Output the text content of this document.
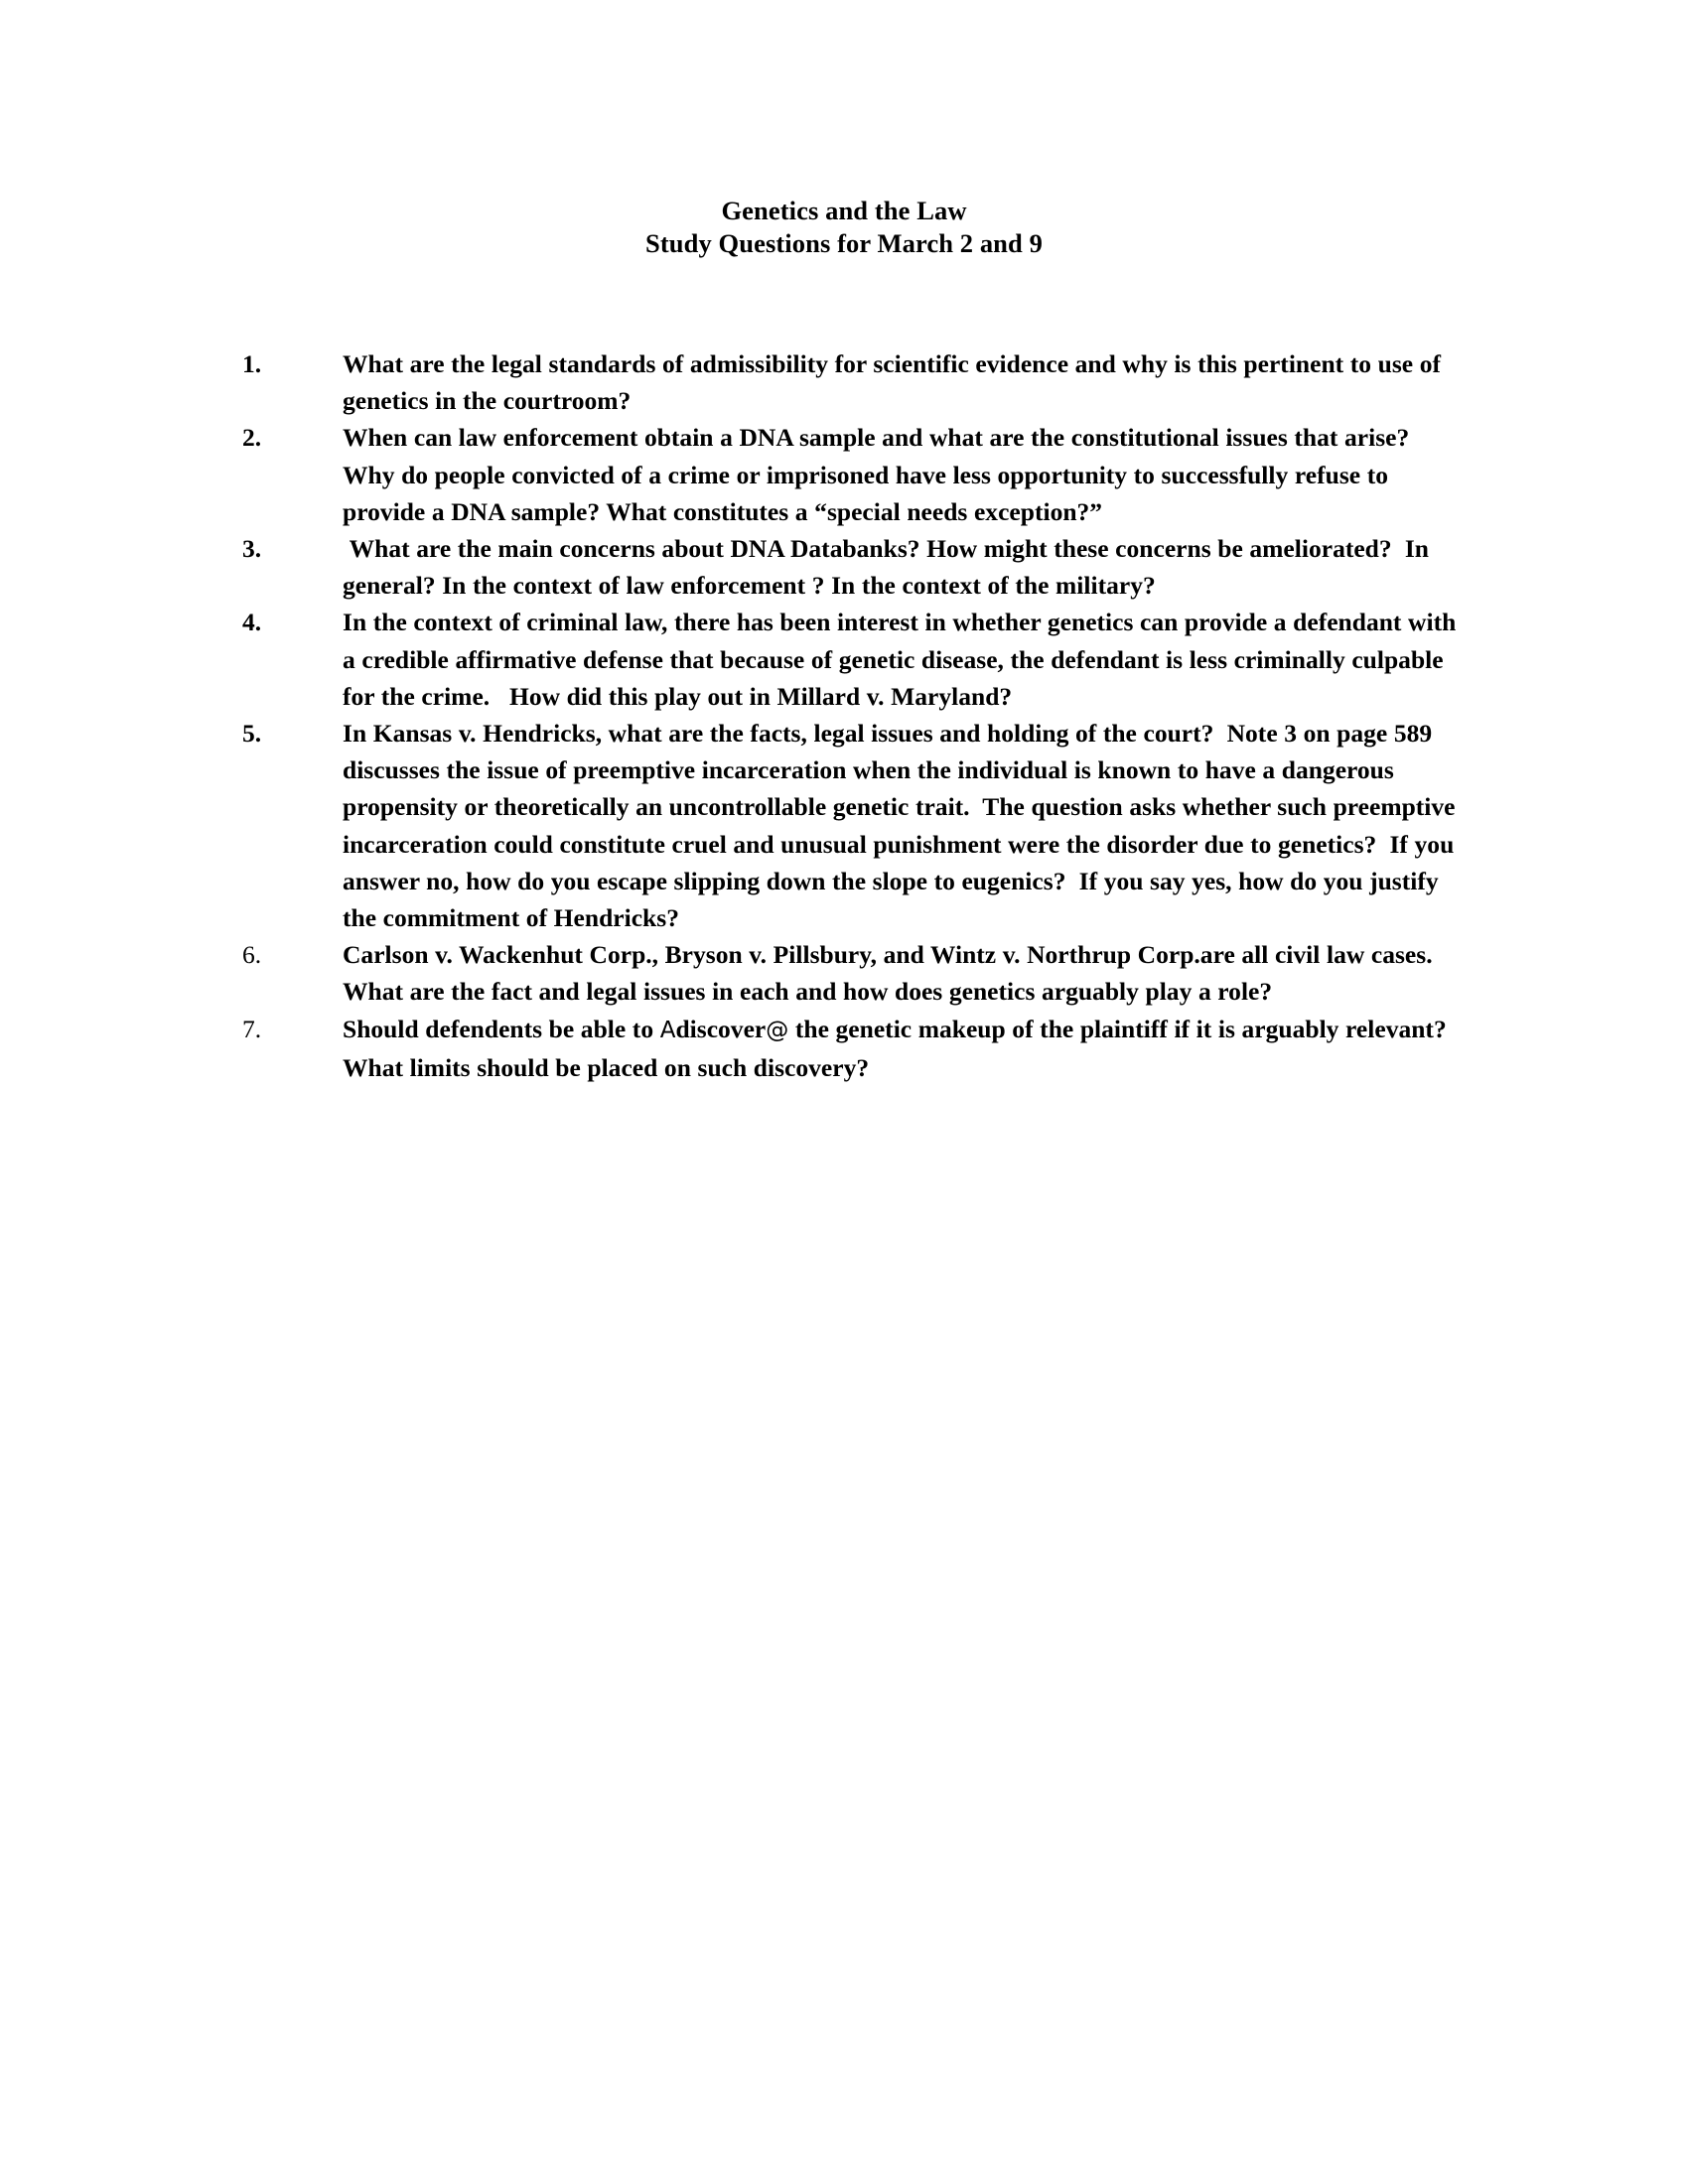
Genetics and the Law
Study Questions for March 2 and 9
1.	What are the legal standards of admissibility for scientific evidence and why is this pertinent to use of genetics in the courtroom?
2.	When can law enforcement obtain a DNA sample and what are the constitutional issues that arise?  Why do people convicted of a crime or imprisoned have less opportunity to successfully refuse to provide a DNA sample? What constitutes a “special needs exception?”
3.	What are the main concerns about DNA Databanks? How might these concerns be ameliorated?  In general? In the context of law enforcement ? In the context of the military?
4.	In the context of criminal law, there has been interest in whether genetics can provide a defendant with a credible affirmative defense that because of genetic disease, the defendant is less criminally culpable for the crime.   How did this play out in Millard v. Maryland?
5.	In Kansas v. Hendricks, what are the facts, legal issues and holding of the court?  Note 3 on page 589 discusses the issue of preemptive incarceration when the individual is known to have a dangerous propensity or theoretically an uncontrollable genetic trait.  The question asks whether such preemptive incarceration could constitute cruel and unusual punishment were the disorder due to genetics?  If you answer no, how do you escape slipping down the slope to eugenics?  If you say yes, how do you justify the commitment of Hendricks?
6.	Carlson v. Wackenhut Corp., Bryson v. Pillsbury, and Wintz v. Northrup Corp.are all civil law cases. What are the fact and legal issues in each and how does genetics arguably play a role?
7.	Should defendents be able to Adiscover@ the genetic makeup of the plaintiff if it is arguably relevant?  What limits should be placed on such discovery?
